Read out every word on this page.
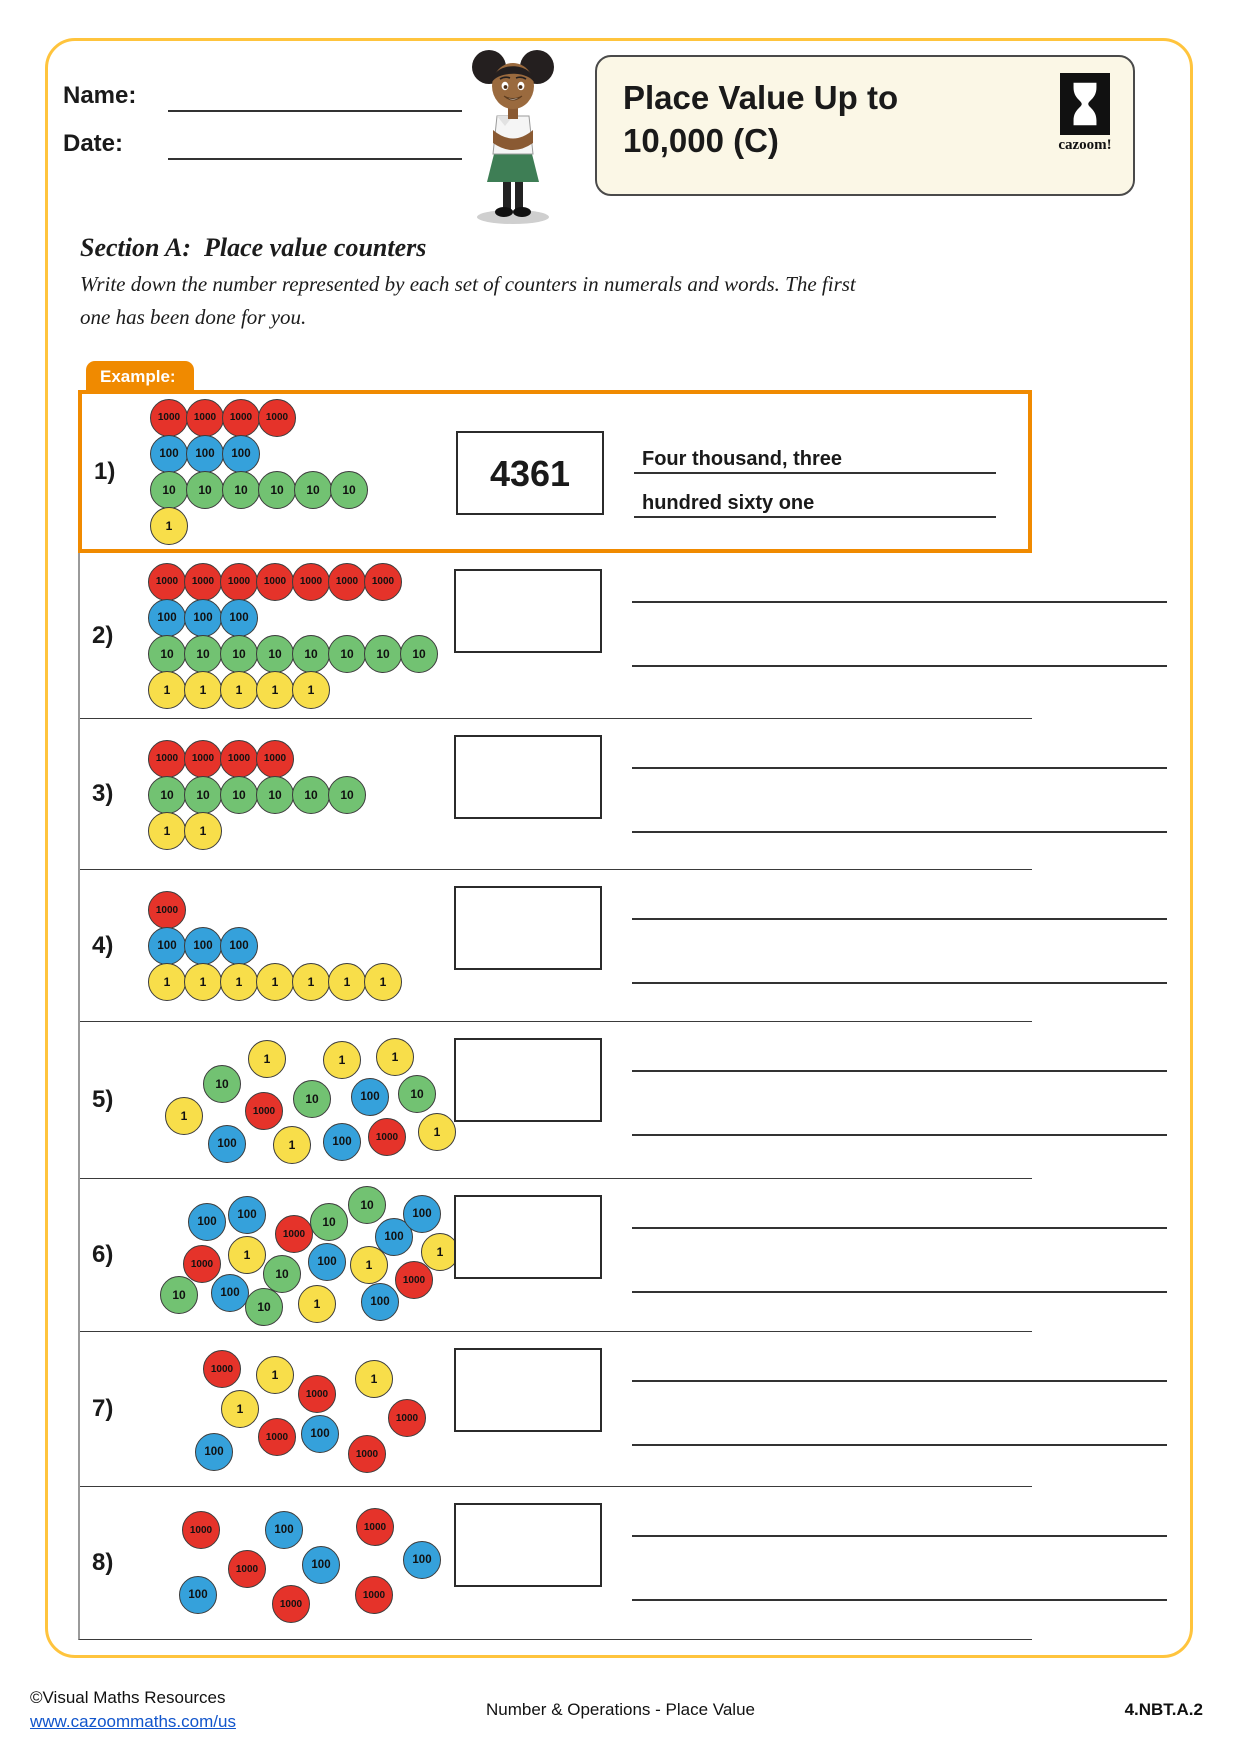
Name:
Date:
Place Value Up to
10,000 (C)	cazoom!
Section A:  Place value counters
Write down the number represented by each set of counters in numerals and words. The first
one has been done for you.
Example:
1)
1000	1000	1000	1000
100	100	100
10	10	10	10	10	10
1
4361	Four thousand, three
hundred sixty one
2)
1000	1000	1000	1000	1000	1000	1000
100	100	100
10	10	10	10	10	10	10	10
1	1	1	1	1
3)
1000	1000	1000	1000
10	10	10	10	10	10
1	1
4)
1000
100	100	100
1	1	1	1	1	1	1
5)
1	1	1
10
10	100	10
1	1000
100	1	100	1000	1
6)
100
100
1000
10
10
100
100
1000
1
10
100	1
1000
1
10	100
10	1	100
7)
1000	1
1000
1
1
1000
100
1000	100
1000
8)
1000	100	1000
1000	100	100
100
1000
1000
©Visual Maths Resources
www.cazoommaths.com/us
Number & Operations - Place Value	4.NBT.A.2
